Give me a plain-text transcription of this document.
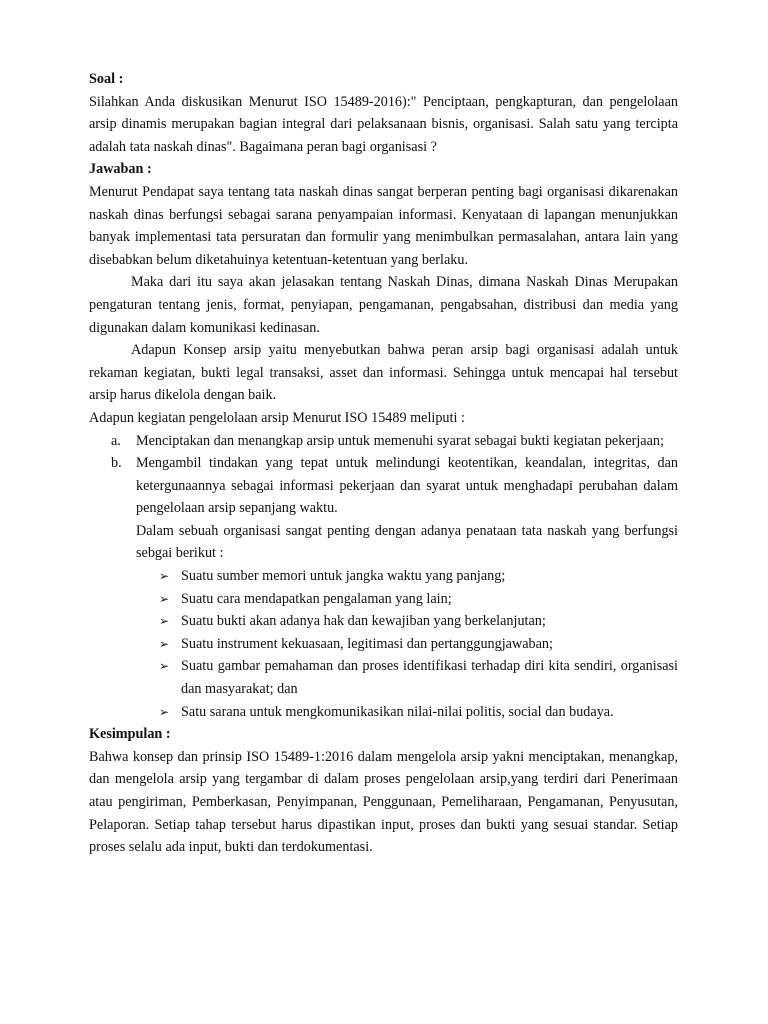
Soal :

Silahkan Anda diskusikan Menurut ISO 15489-2016):" Penciptaan, pengkapturan, dan pengelolaan arsip dinamis merupakan bagian integral dari pelaksanaan bisnis, organisasi. Salah satu yang tercipta adalah tata naskah dinas". Bagaimana peran bagi organisasi ?

Jawaban :

Menurut Pendapat saya tentang tata naskah dinas sangat berperan penting bagi organisasi dikarenakan naskah dinas berfungsi sebagai sarana penyampaian informasi. Kenyataan di lapangan menunjukkan banyak implementasi tata persuratan dan formulir yang menimbulkan permasalahan, antara lain yang disebabkan belum diketahuinya ketentuan-ketentuan yang berlaku.

Maka dari itu saya akan jelasakan tentang Naskah Dinas, dimana Naskah Dinas Merupakan pengaturan tentang jenis, format, penyiapan, pengamanan, pengabsahan, distribusi dan media yang digunakan dalam komunikasi kedinasan.

Adapun Konsep arsip yaitu menyebutkan bahwa peran arsip bagi organisasi adalah untuk rekaman kegiatan, bukti legal transaksi, asset dan informasi. Sehingga untuk mencapai hal tersebut arsip harus dikelola dengan baik.

Adapun kegiatan pengelolaan arsip Menurut ISO 15489 meliputi :

a. Menciptakan dan menangkap arsip untuk memenuhi syarat sebagai bukti kegiatan pekerjaan;
b. Mengambil tindakan yang tepat untuk melindungi keotentikan, keandalan, integritas, dan ketergunaannya sebagai informasi pekerjaan dan syarat untuk menghadapi perubahan dalam pengelolaan arsip sepanjang waktu.

Dalam sebuah organisasi sangat penting dengan adanya penataan tata naskah yang berfungsi sebgai berikut :

➢ Suatu sumber memori untuk jangka waktu yang panjang;
➢ Suatu cara mendapatkan pengalaman yang lain;
➢ Suatu bukti akan adanya hak dan kewajiban yang berkelanjutan;
➢ Suatu instrument kekuasaan, legitimasi dan pertanggungjawaban;
➢ Suatu gambar pemahaman dan proses identifikasi terhadap diri kita sendiri, organisasi dan masyarakat; dan
➢ Satu sarana untuk mengkomunikasikan nilai-nilai politis, social dan budaya.
Kesimpulan :

Bahwa konsep dan prinsip ISO 15489-1:2016 dalam mengelola arsip yakni menciptakan, menangkap, dan mengelola arsip yang tergambar di dalam proses pengelolaan arsip,yang terdiri dari Penerimaan atau pengiriman, Pemberkasan, Penyimpanan, Penggunaan, Pemeliharaan, Pengamanan, Penyusutan, Pelaporan. Setiap tahap tersebut harus dipastikan input, proses dan bukti yang sesuai standar. Setiap proses selalu ada input, bukti dan terdokumentasi.
